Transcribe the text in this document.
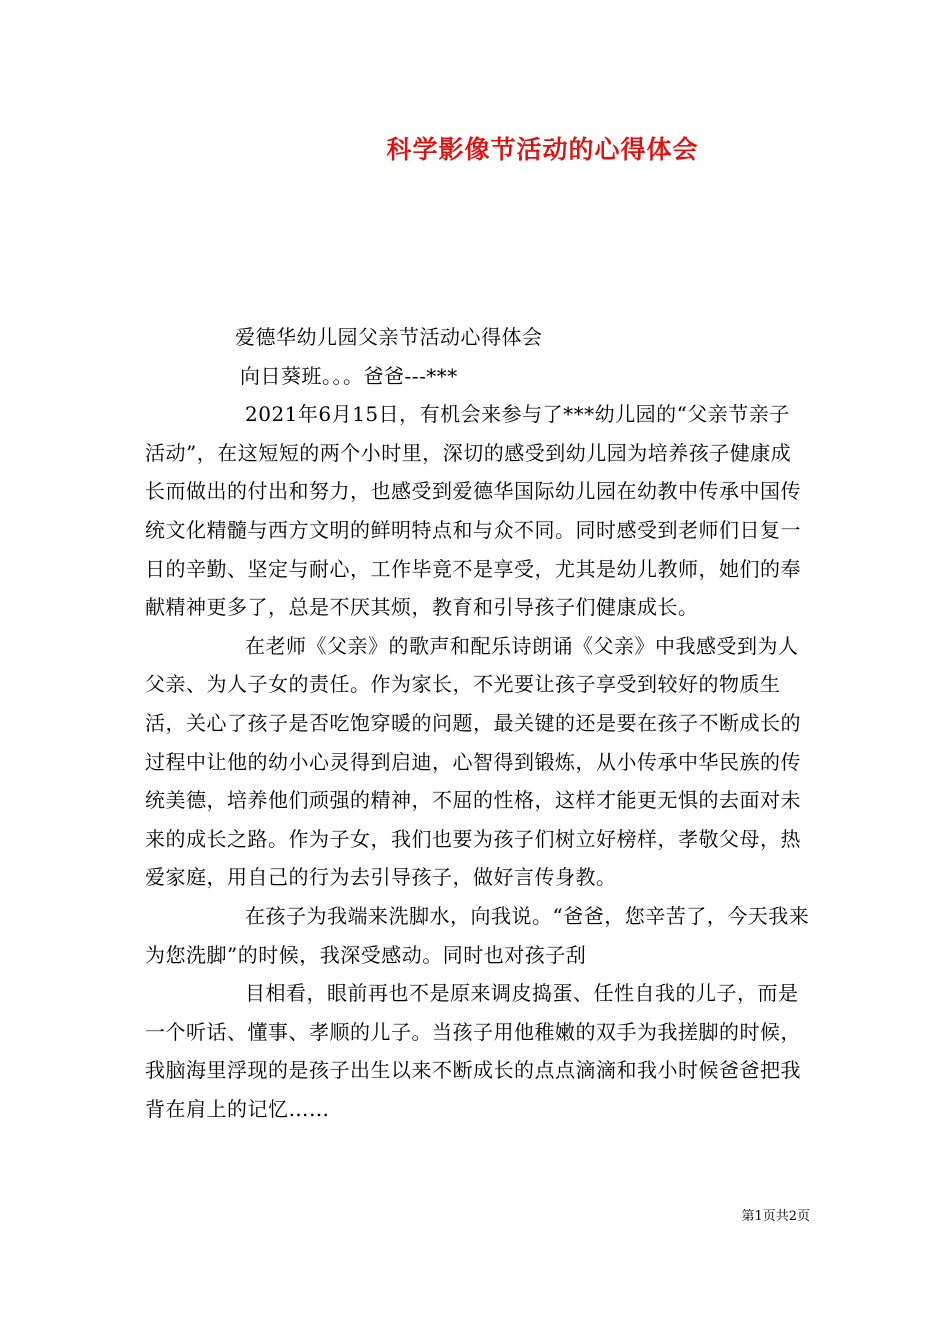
科学影像节活动的心得体会

爱德华幼儿园父亲节活动心得体会

向日葵班。。。爸爸---***

2021年6月15日，有机会来参与了***幼儿园的“父亲节亲子活动”，在这短短的两个小时里，深切的感受到幼儿园为培养孩子健康成长而做出的付出和努力，也感受到爱德华国际幼儿园在幼教中传承中国传统文化精髓与西方文明的鲜明特点和与众不同。同时感受到老师们日复一日的辛勤、坚定与耐心，工作毕竟不是享受，尤其是幼儿教师，她们的奉献精神更多了，总是不厌其烦，教育和引导孩子们健康成长。

在老师《父亲》的歌声和配乐诗朗诵《父亲》中我感受到为人父亲、为人子女的责任。作为家长，不光要让孩子享受到较好的物质生活，关心了孩子是否吃饱穿暖的问题，最关键的还是要在孩子不断成长的过程中让他的幼小心灵得到启迪，心智得到锻炼，从小传承中华民族的传统美德，培养他们顽强的精神，不屈的性格，这样才能更无惧的去面对未来的成长之路。作为子女，我们也要为孩子们树立好榜样，孝敬父母，热爱家庭，用自己的行为去引导孩子，做好言传身教。

在孩子为我端来洗脚水，向我说。“爸爸，您辛苦了，今天我来为您洗脚”的时候，我深受感动。同时也对孩子刮

目相看，眼前再也不是原来调皮捣蛋、任性自我的儿子，而是一个听话、懂事、孝顺的儿子。当孩子用他稚嫩的双手为我搓脚的时候，我脑海里浮现的是孩子出生以来不断成长的点点滴滴和我小时候爸爸把我背在肩上的记忆……

第1页共2页
